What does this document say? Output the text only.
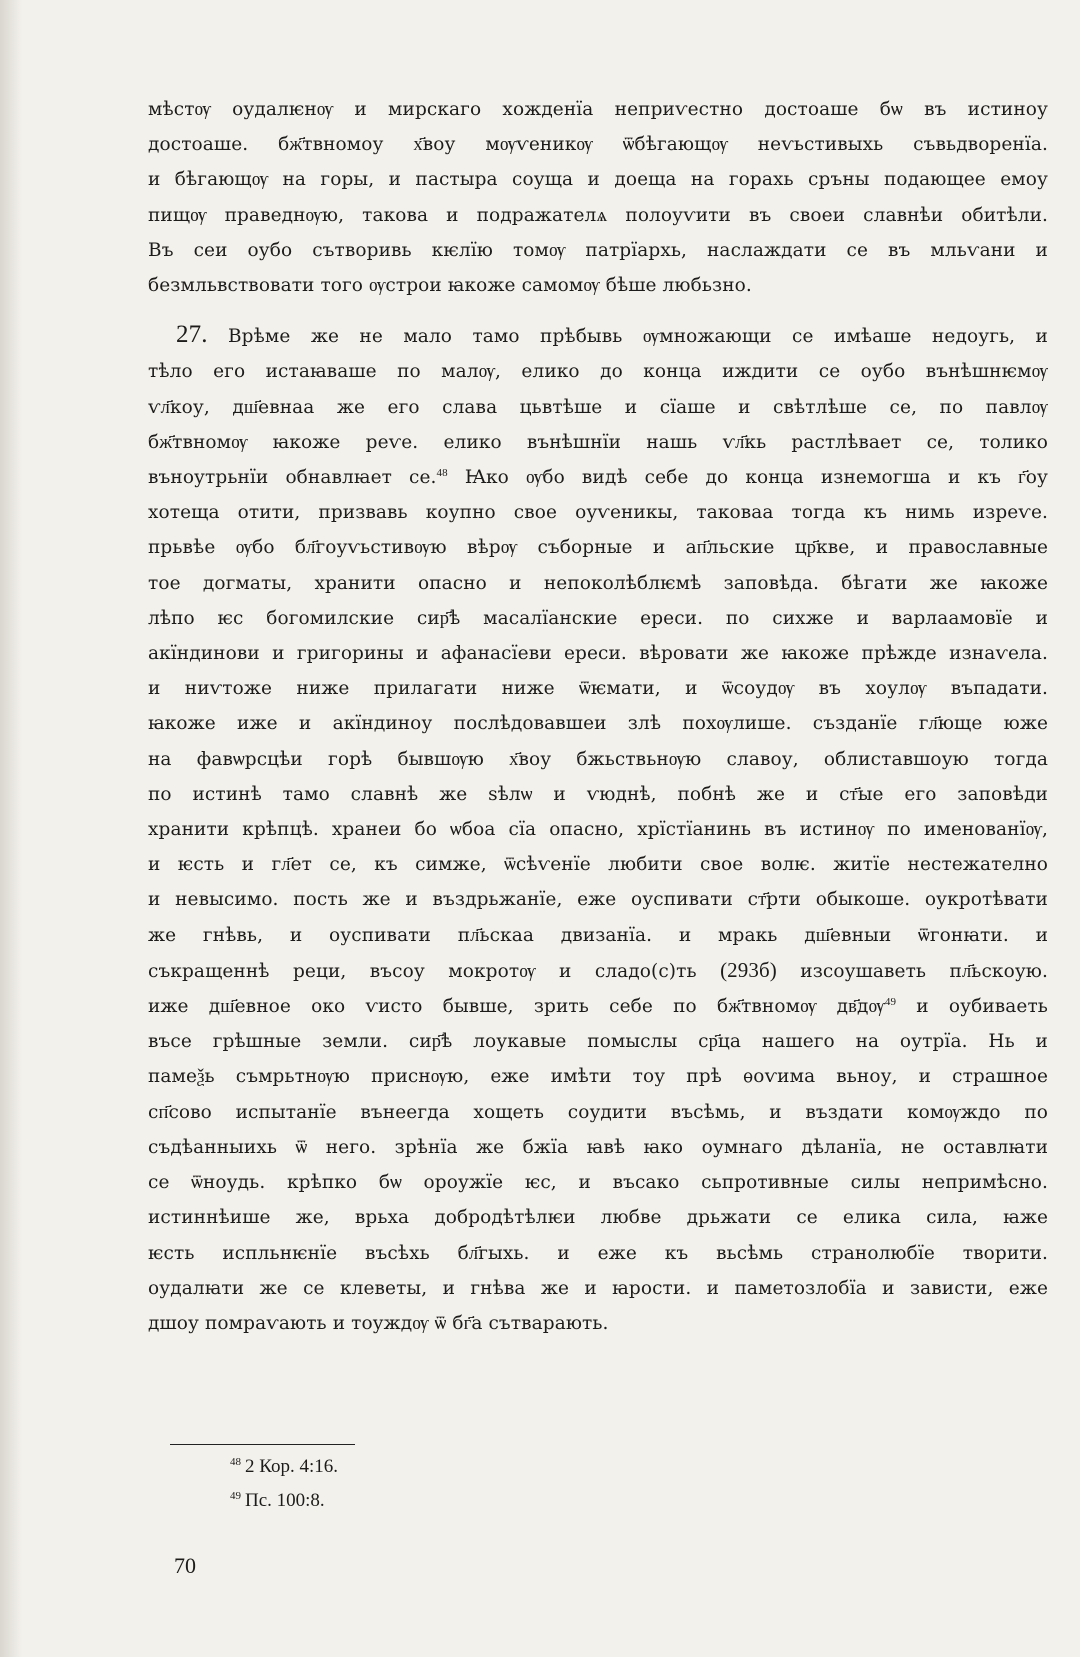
мѣстѹ оудалѥнѹ и мирскаго хожденїа неприѵестно достоаше бѡ въ истиноу
достоаше. бж҃твномоу х҃воу мѹѵеникѹ ѿбѣгающѹ неѵьстивыхь съвьдворенїа.
и бѣгающѹ на горы, и пастыра соуща и доеща на горахь сръны подающее емоу
пищѹ праведнѹю, такова и подражателѧ полоуѵити въ своеи славнѣи обитѣли.
Въ сеи оубо сътворивь кѥлїю томѹ патрїархь, наслаждати се въ мльѵани и
безмльвствовати того ѹстрои ꙗкоже самомѹ бѣше любьзно.
27. Врѣме же не мало тамо прѣбывь ѹмножающи се имѣаше недоугь, и
тѣло его истаꙗваше по малѹ, елико до конца иждити се оубо вънѣшнѥмѹ
ѵл҃коу, дш҃евнаа же его слава цьвтѣше и сїаше и свѣтлѣше се, по павлѹ
бж҃твномѹ ꙗкоже реѵе. елико вънѣшнїи нашь ѵл҃кь растлѣвает се, толико
въноутрьнїи обнавлꙗет се.$^{48}$ Ꙗко ѹбо видѣ себе до конца изнемогша и къ г҃оу
хотеща отити, призвавь коупно свое оуѵеникы, таковаа тогда къ нимь изреѵе.
прьвѣе ѹбо бл҃гоуѵьстивѹю вѣрѹ съборные и ап҃льские цр҃кве, и православные
тое догматы, хранити опасно и непоколѣблѥмѣ заповѣда. бѣгати же ꙗкоже
лѣпо ѥс богомилские сир҃ѣ масалїанские ереси. по сихже и варлаамовїе и
акїндинови и григорины и афанасїеви ереси. вѣровати же ꙗкоже прѣжде изнаѵела.
и ниѵтоже ниже прилагати ниже ѿѥмати, и ѿсоудѹ въ хоулѹ въпадати.
ꙗкоже иже и акїндиноу послѣдовавшеи злѣ похѹлише. създанїе гл҃юще юже
на фавѡрсцѣи горѣ бывшѹю х҃воу бжьствьнѹю славоу, облиставшоую тогда
по истинѣ тамо славнѣ же ѕѣлѡ и ѵюднѣ, побнѣ же и ст҃ые его заповѣди
хранити крѣпцѣ. хранеи бо ѡбоа сїа опасно, хрїстїанинь въ истинѹ по именованїѹ,
и ѥсть и гл҃ет се, къ симже, ѿсѣѵенїе любити свое волѥ. житїе нестежателно
и невысимо. пость же и въздрьжанїе, еже оуспивати ст҃рти обыкоше. оукротѣвати
же гнѣвь, и оуспивати пл҃ьскаа двизанїа. и мракь дш҃евныи ѿгонꙗти. и
съкращеннѣ реци, въсоу мокротѹ и сладо(с)ть (293б) изсоушаветь пл҃ьскоую.
иже дш҃евное око ѵисто бывше, зрить себе по бж҃твномѹ дв҃дѹ$^{49}$ и оубиваеть
въсе грѣшные земли. сир҃ѣ лоукавые помыслы ср҃ца нашего на оутрїа. Нь и
памеѯь съмрьтнѹю приснѹю, еже имѣти тоу прѣ ѳоѵима вьноу, и страшное
сп҃сово испытанїе вънеегда хощеть соудити въсѣмь, и въздати комѹждо по
съдѣанныихь ѿ него. зрѣнїа же бжїа ꙗвѣ ꙗко оумнаго дѣланїа, не оставлꙗти
се ѿноудь. крѣпко бѡ ороужїе ѥс, и въсако сьпротивные силы непримѣсно.
истиннѣише же, врьха добродѣтѣлѥи любве дрьжати се елика сила, ꙗже
ѥсть испльнѥнїе въсѣхь бл҃гыхь. и еже къ вьсѣмь странолюбїе творити.
оудалꙗти же се клеветы, и гнѣва же и ꙗрости. и паметозлобїа и зависти, еже
дшоу помраѵають и тоуждѹ ѿ бг҃а сътварають.
$^{48}$ 2 Кор. 4:16.
$^{49}$ Пс. 100:8.
70
